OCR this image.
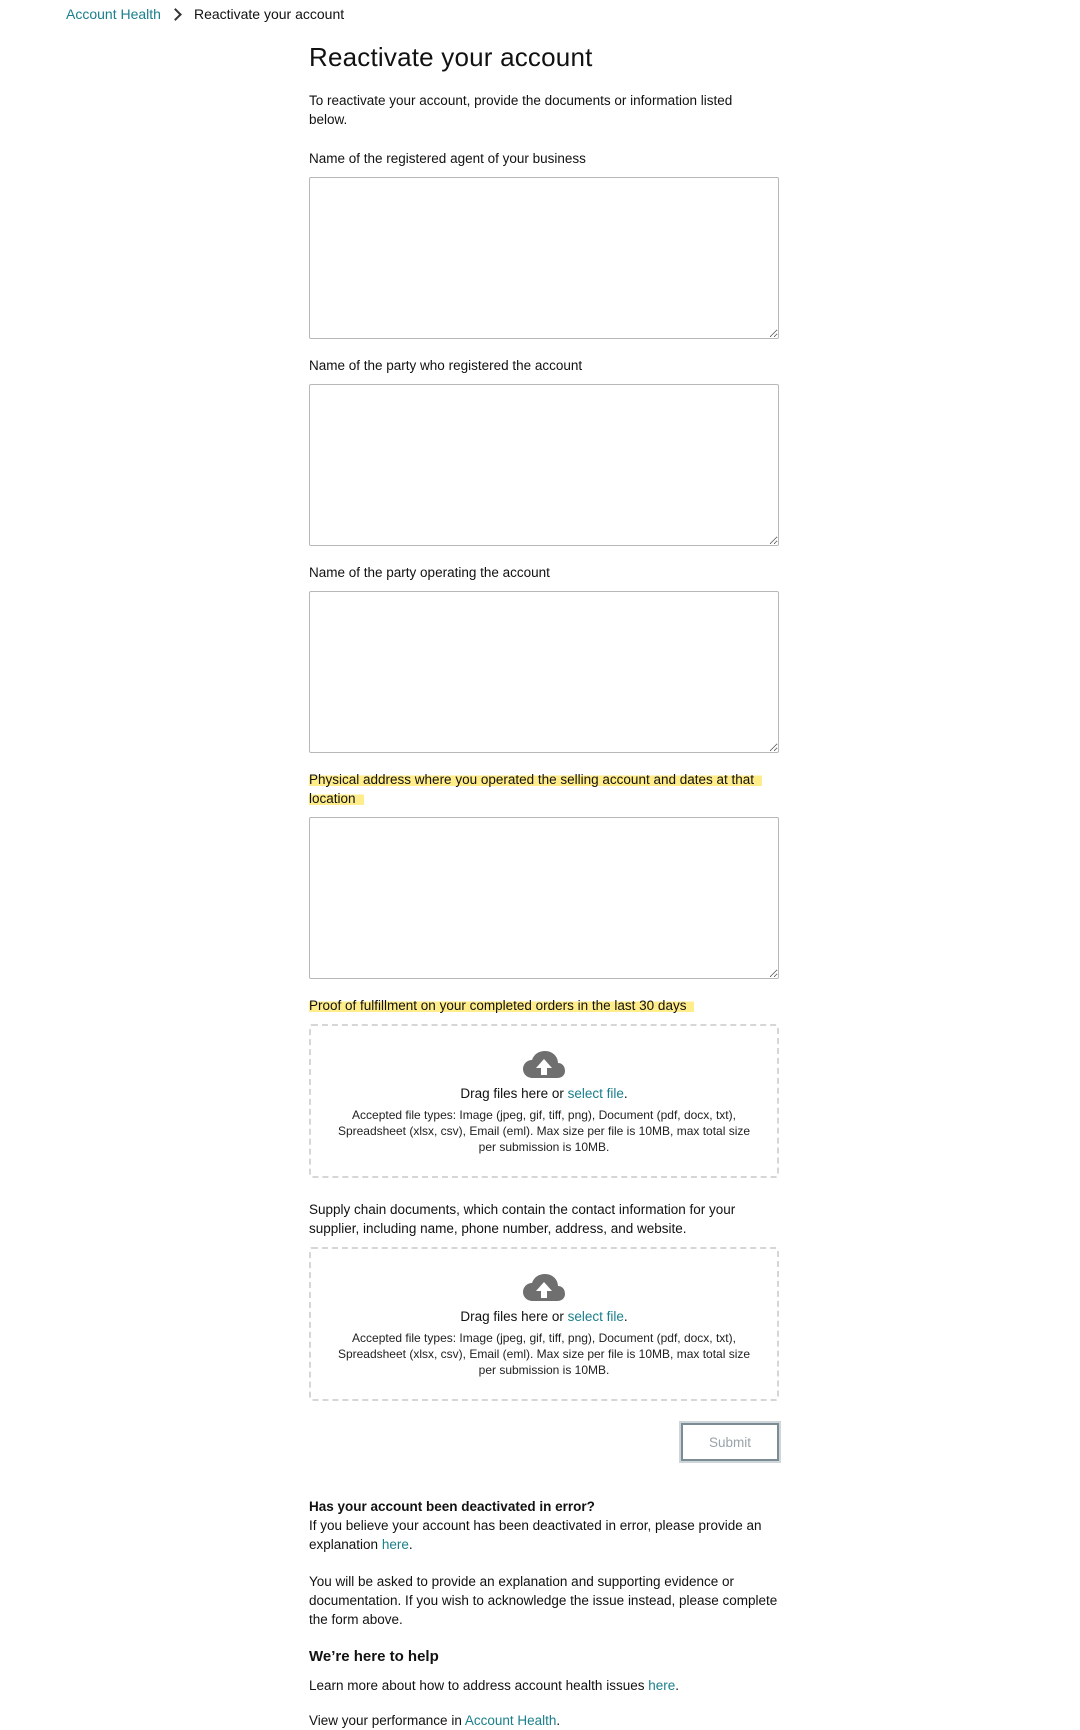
Account Health Reactivate your account
Reactivate your account

To reactivate your account, provide the documents or information listed below.

Name of the registered agent of your business
Name of the party who registered the account
Name of the party operating the account
Physical address where you operated the selling account and dates at that location
Proof of fulfillment on your completed orders in the last 30 days
Drag files here or select file.
Accepted file types: Image (jpeg, gif, tiff, png), Document (pdf, docx, txt), Spreadsheet (xlsx, csv), Email (eml). Max size per file is 10MB, max total size per submission is 10MB.
Supply chain documents, which contain the contact information for your supplier, including name, phone number, address, and website.
Drag files here or select file.
Accepted file types: Image (jpeg, gif, tiff, png), Document (pdf, docx, txt), Spreadsheet (xlsx, csv), Email (eml). Max size per file is 10MB, max total size per submission is 10MB.
Submit
Has your account been deactivated in error?

If you believe your account has been deactivated in error, please provide an explanation here.

You will be asked to provide an explanation and supporting evidence or documentation. If you wish to acknowledge the issue instead, please complete the form above.

We’re here to help

Learn more about how to address account health issues here.

View your performance in Account Health.
